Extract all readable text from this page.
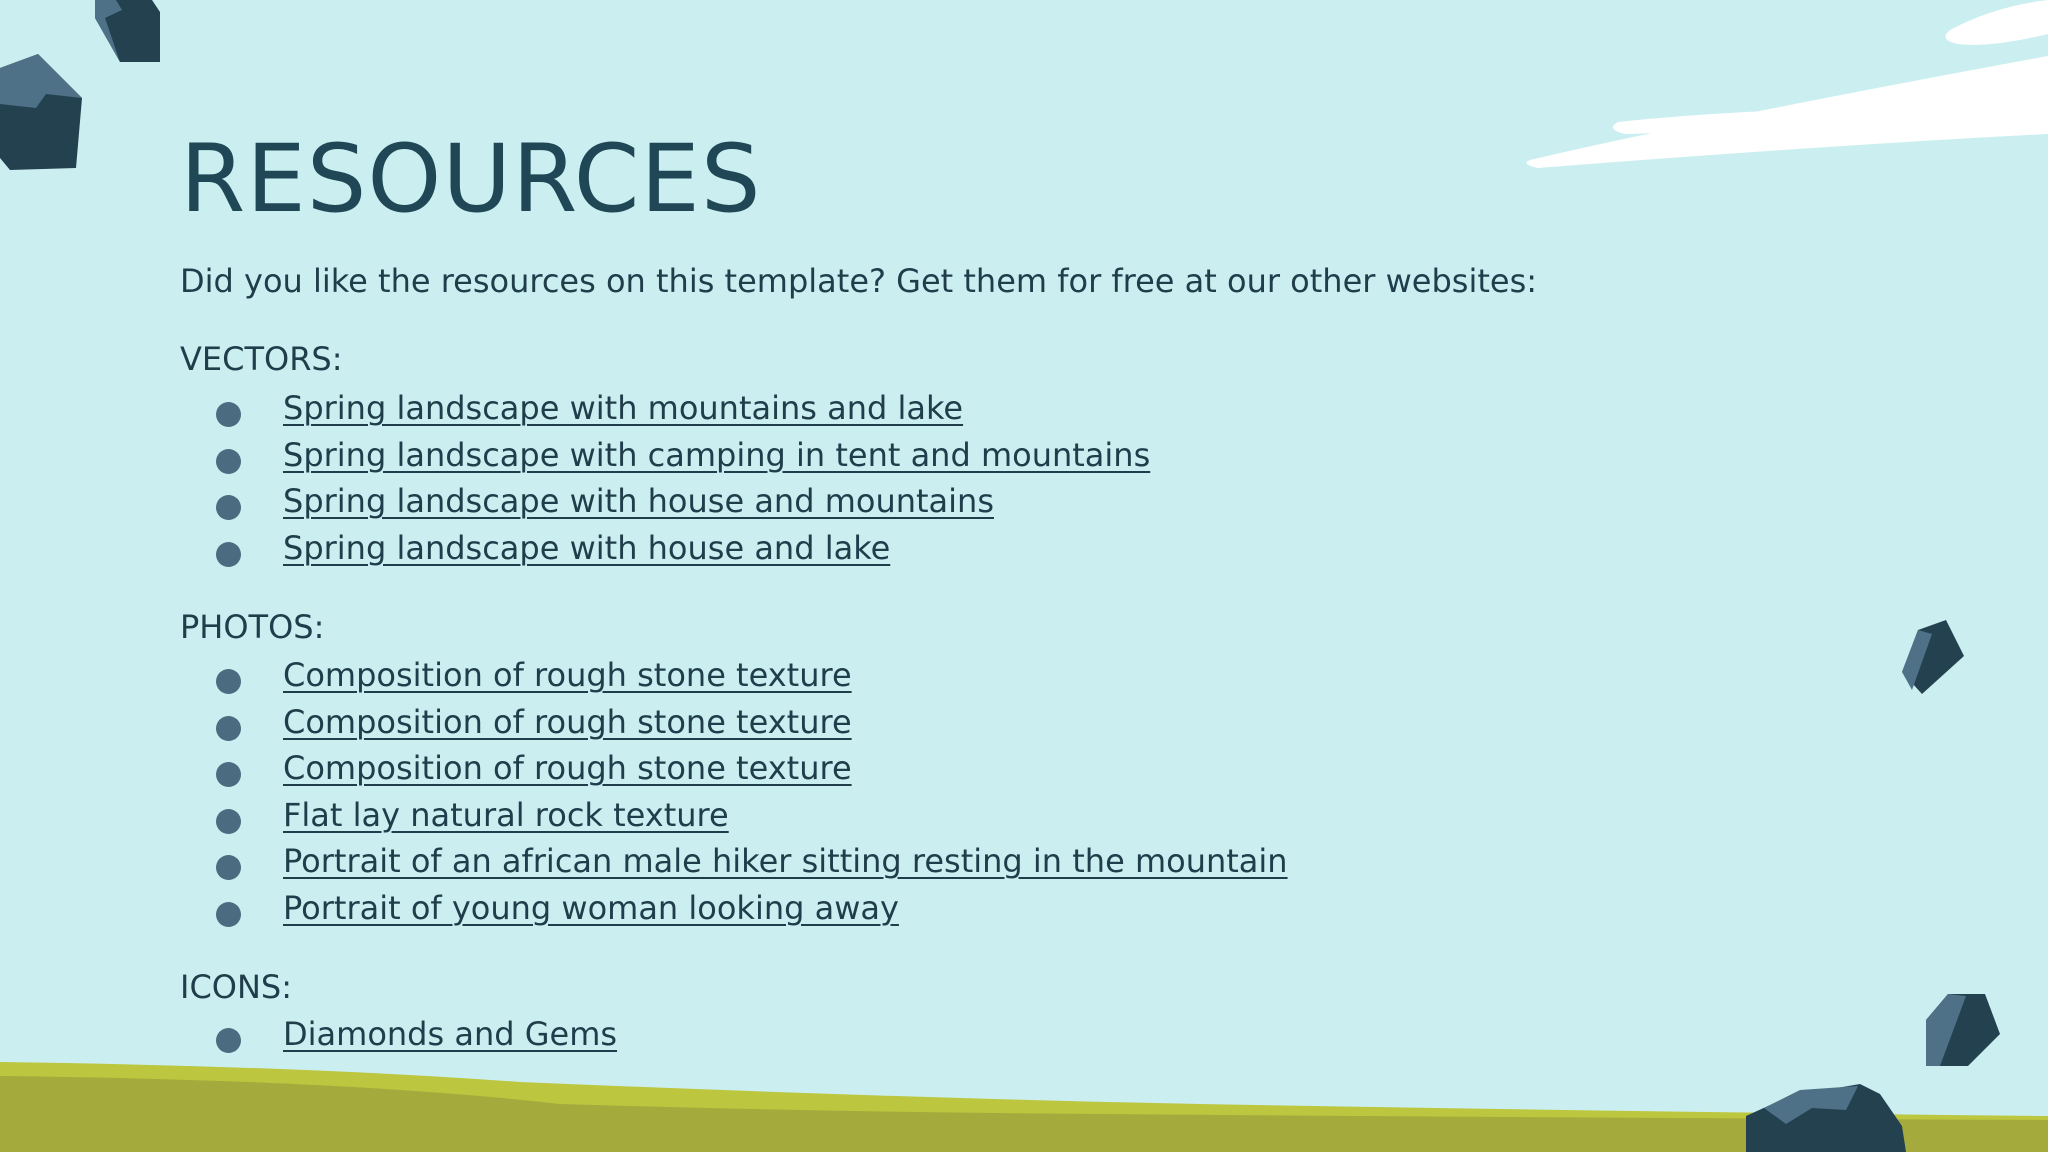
RESOURCES

Did you like the resources on this template? Get them for free at our other websites:

VECTORS:

Spring landscape with mountains and lake
Spring landscape with camping in tent and mountains
Spring landscape with house and mountains
Spring landscape with house and lake

PHOTOS:

Composition of rough stone texture
Composition of rough stone texture
Composition of rough stone texture
Flat lay natural rock texture
Portrait of an african male hiker sitting resting in the mountain
Portrait of young woman looking away

ICONS:

Diamonds and Gems
